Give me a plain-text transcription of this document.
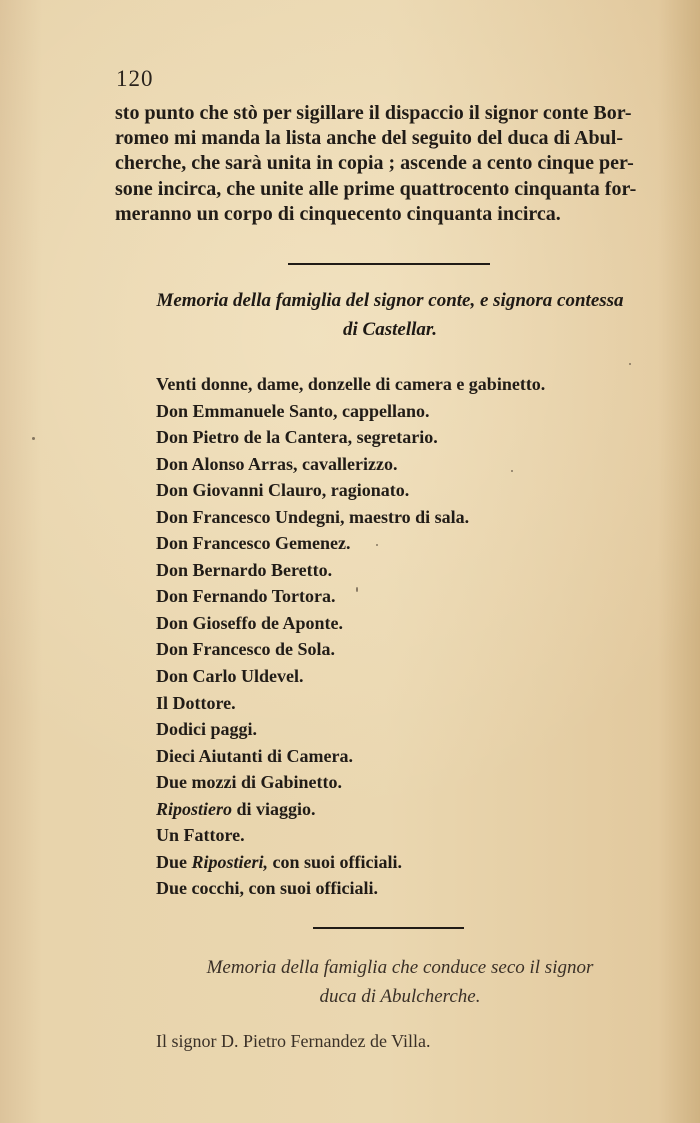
120
sto punto che stò per sigillare il dispaccio il signor conte Bor-
romeo mi manda la lista anche del seguito del duca di Abul-
cherche, che sarà unita in copia ; ascende a cento cinque per-
sone incirca, che unite alle prime quattrocento cinquanta for-
meranno un corpo di cinquecento cinquanta incirca.
Memoria della famiglia del signor conte, e signora contessa
di Castellar.
Venti donne, dame, donzelle di camera e gabinetto.
Don Emmanuele Santo, cappellano.
Don Pietro de la Cantera, segretario.
Don Alonso Arras, cavallerizzo.
Don Giovanni Clauro, ragionato.
Don Francesco Undegni, maestro di sala.
Don Francesco Gemenez.
Don Bernardo Beretto.
Don Fernando Tortora.
Don Gioseffo de Aponte.
Don Francesco de Sola.
Don Carlo Uldevel.
Il Dottore.
Dodici paggi.
Dieci Aiutanti di Camera.
Due mozzi di Gabinetto.
Ripostiero di viaggio.
Un Fattore.
Due Ripostieri, con suoi officiali.
Due cocchi, con suoi officiali.
Memoria della famiglia che conduce seco il signor
duca di Abulcherche.
Il signor D. Pietro Fernandez de Villa.
